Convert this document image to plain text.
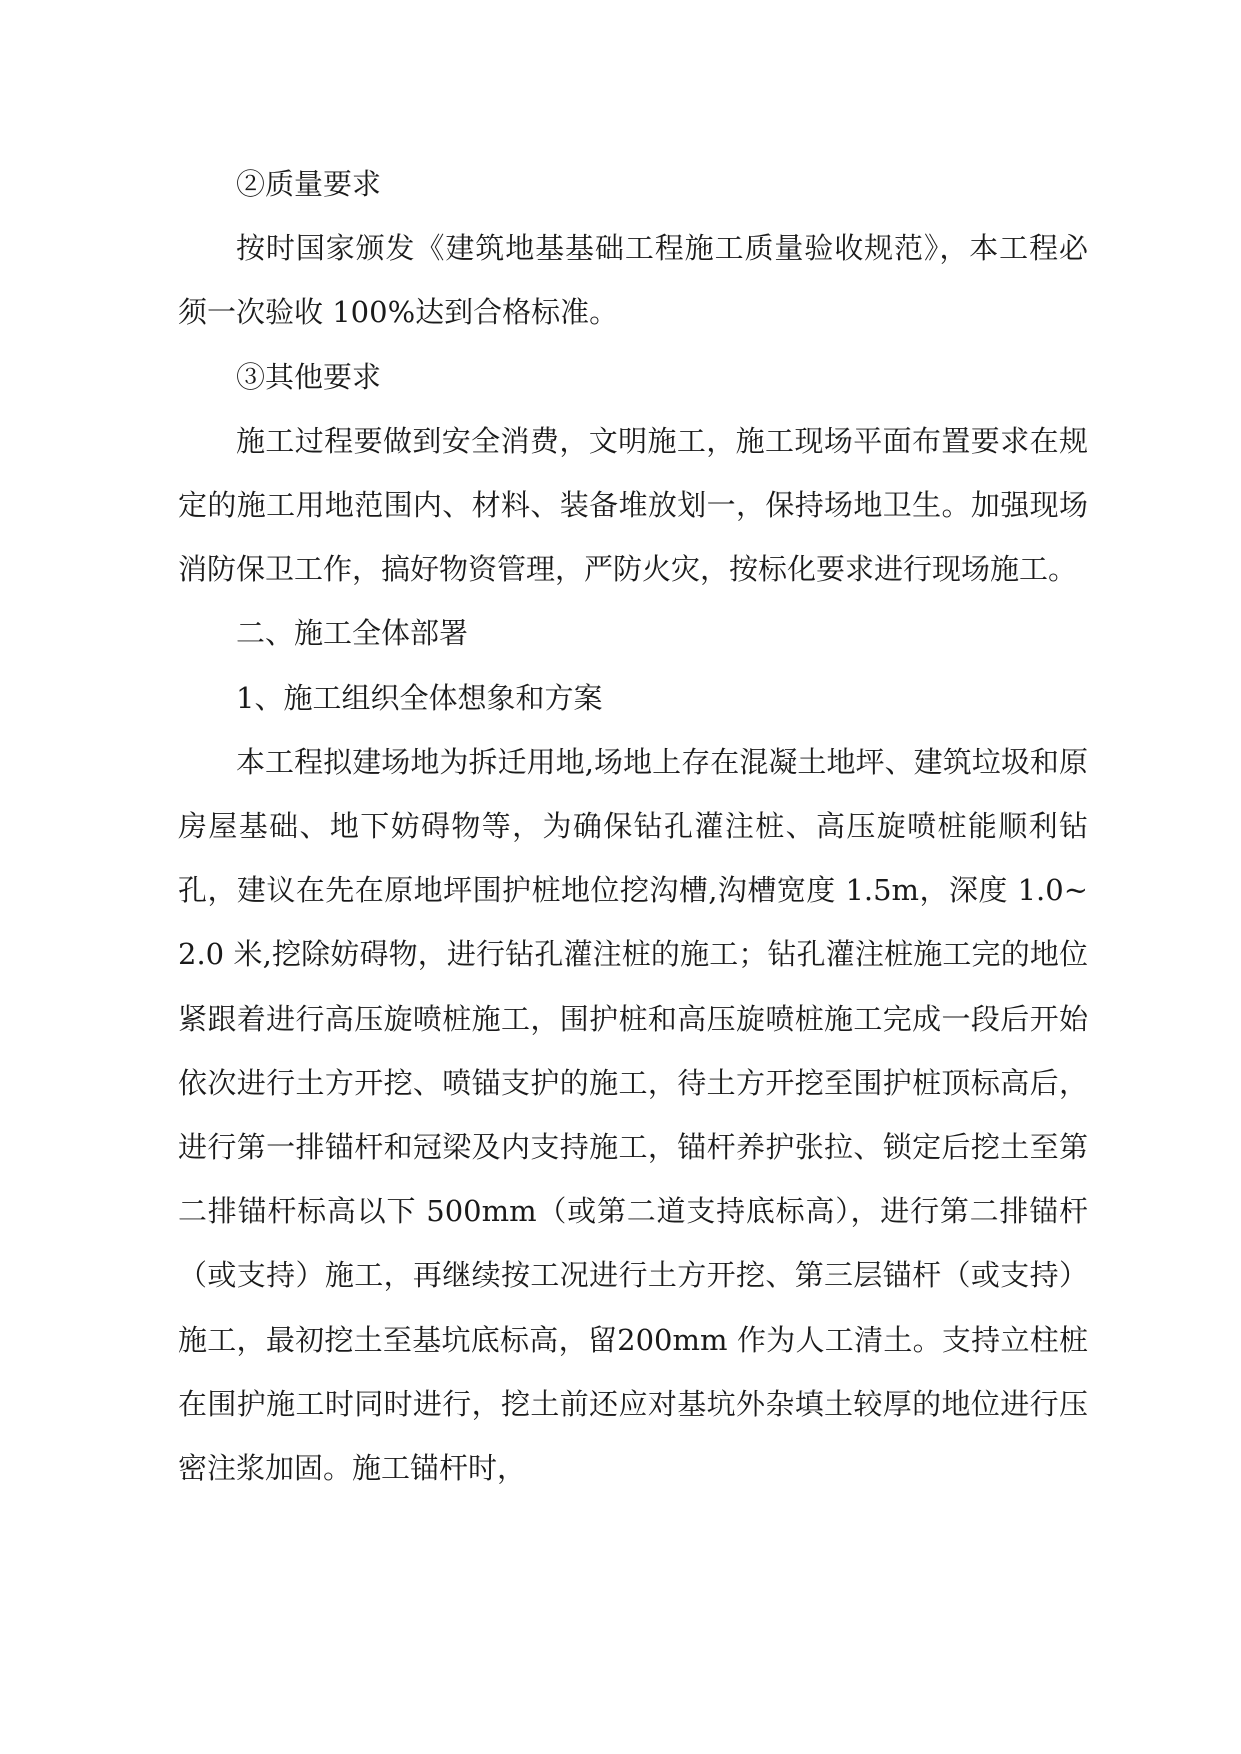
②质量要求

按时国家颁发《建筑地基基础工程施工质量验收规范》，本工程必须一次验收 100%达到合格标准。

③其他要求

施工过程要做到安全消费，文明施工，施工现场平面布置要求在规定的施工用地范围内、材料、装备堆放划一，保持场地卫生。加强现场消防保卫工作，搞好物资管理，严防火灾，按标化要求进行现场施工。

二、施工全体部署

1、施工组织全体想象和方案

本工程拟建场地为拆迁用地,场地上存在混凝土地坪、建筑垃圾和原房屋基础、地下妨碍物等，为确保钻孔灌注桩、高压旋喷桩能顺利钻孔，建议在先在原地坪围护桩地位挖沟槽,沟槽宽度 1.5m，深度 1.0~2.0 米,挖除妨碍物，进行钻孔灌注桩的施工；钻孔灌注桩施工完的地位紧跟着进行高压旋喷桩施工，围护桩和高压旋喷桩施工完成一段后开始依次进行土方开挖、喷锚支护的施工，待土方开挖至围护桩顶标高后，进行第一排锚杆和冠梁及内支持施工，锚杆养护张拉、锁定后挖土至第二排锚杆标高以下 500mm（或第二道支持底标高），进行第二排锚杆（或支持）施工，再继续按工况进行土方开挖、第三层锚杆（或支持）施工，最初挖土至基坑底标高，留200mm 作为人工清土。支持立柱桩在围护施工时同时进行，挖土前还应对基坑外杂填土较厚的地位进行压密注浆加固。施工锚杆时，
